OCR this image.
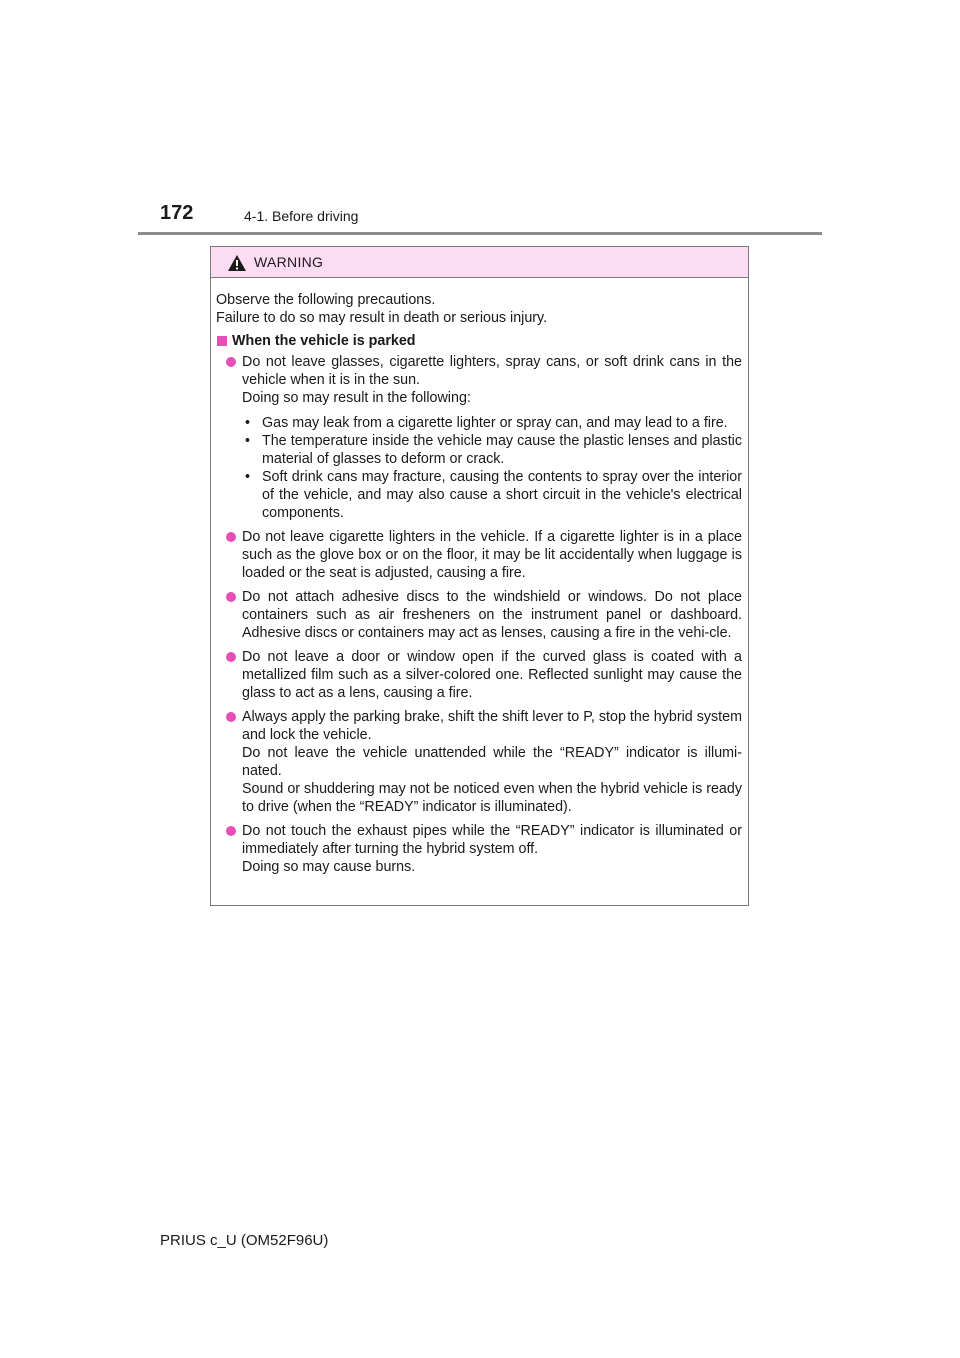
172	4-1. Before driving
WARNING

Observe the following precautions.

Failure to do so may result in death or serious injury.

When the vehicle is parked

Do not leave glasses, cigarette lighters, spray cans, or soft drink cans in the vehicle when it is in the sun.

Doing so may result in the following:

• Gas may leak from a cigarette lighter or spray can, and may lead to a fire.
• The temperature inside the vehicle may cause the plastic lenses and plastic material of glasses to deform or crack.
• Soft drink cans may fracture, causing the contents to spray over the interior of the vehicle, and may also cause a short circuit in the vehicle's electrical components.

Do not leave cigarette lighters in the vehicle. If a cigarette lighter is in a place such as the glove box or on the floor, it may be lit accidentally when luggage is loaded or the seat is adjusted, causing a fire.

Do not attach adhesive discs to the windshield or windows. Do not place containers such as air fresheners on the instrument panel or dashboard. Adhesive discs or containers may act as lenses, causing a fire in the vehi-cle.

Do not leave a door or window open if the curved glass is coated with a metallized film such as a silver-colored one. Reflected sunlight may cause the glass to act as a lens, causing a fire.

Always apply the parking brake, shift the shift lever to P, stop the hybrid system and lock the vehicle.

Do not leave the vehicle unattended while the “READY” indicator is illumi-nated.

Sound or shuddering may not be noticed even when the hybrid vehicle is ready to drive (when the “READY” indicator is illuminated).

Do not touch the exhaust pipes while the “READY” indicator is illuminated or immediately after turning the hybrid system off.

Doing so may cause burns.

PRIUS c_U (OM52F96U)
